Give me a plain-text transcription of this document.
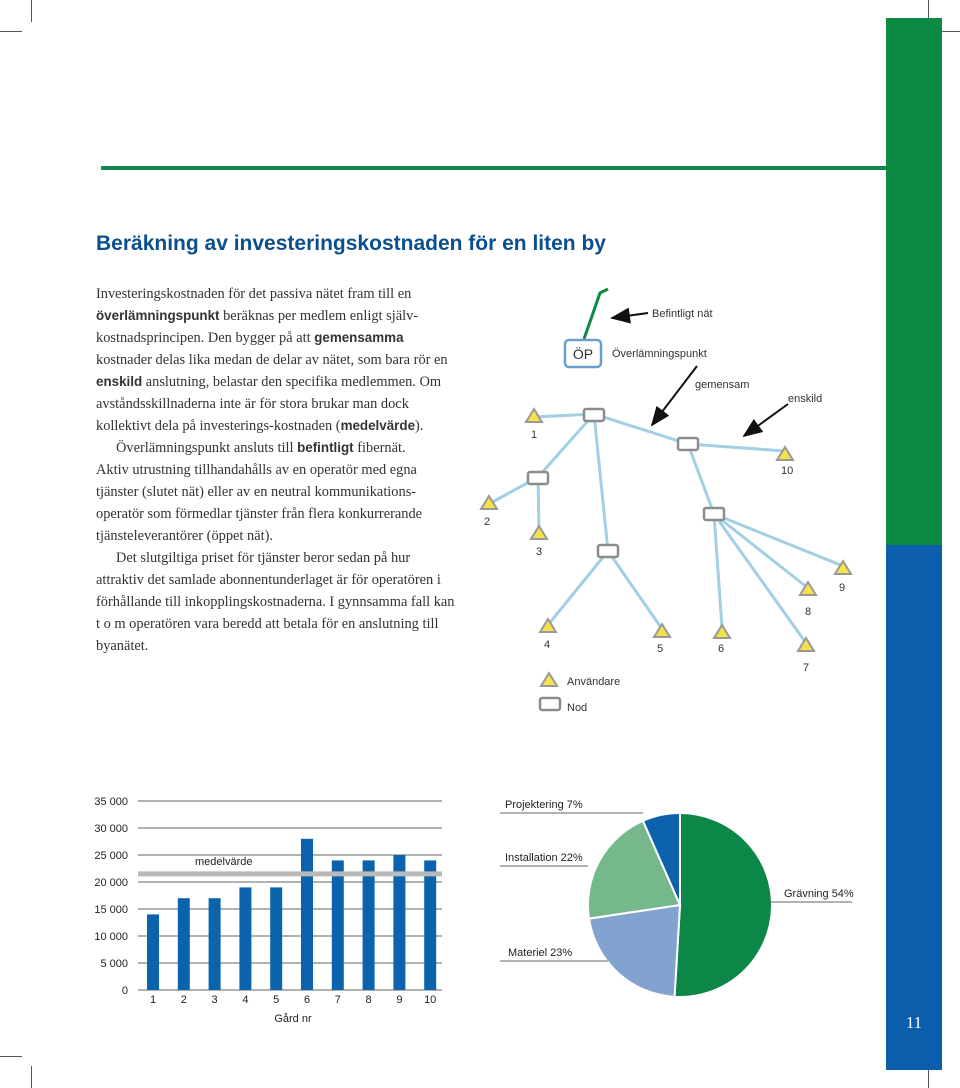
11
Beräkning av investeringskostnaden för en liten by

Investeringskostnaden för det passiva nätet fram till en överlämningspunkt beräknas per medlem enligt själv-kostnadsprincipen. Den bygger på att gemensamma kostnader delas lika medan de delar av nätet, som bara rör en enskild anslutning, belastar den specifika medlemmen. Om avståndsskillnaderna inte är för stora brukar man dock kollektivt dela på investerings-kostnaden (medelvärde).

Överlämningspunkt ansluts till befintligt fibernät.

Aktiv utrustning tillhandahålls av en operatör med egna tjänster (slutet nät) eller av en neutral kommunikations-operatör som förmedlar tjänster från flera konkurrerande tjänsteleverantörer (öppet nät).

Det slutgiltiga priset för tjänster beror sedan på hur attraktiv det samlade abonnentunderlaget är för operatören i förhållande till inkopplingskostnaderna. I gynnsamma fall kan t o m operatören vara beredd att betala för en anslutning till byanätet.

ÖP
Befintligt nät
Överlämningspunkt
gemensam
enskild
1
2
3
4	5	6
7
8
9
10
Användare
Nod
0
5 000
10 000
15 000
20 000
25 000
30 000
35 000
1 2 3 4 5 6 7 8 9 10
medelvärde
Gård nr
Grävning 54%
Materiel 23%
Installation 22%
Projektering 7%
